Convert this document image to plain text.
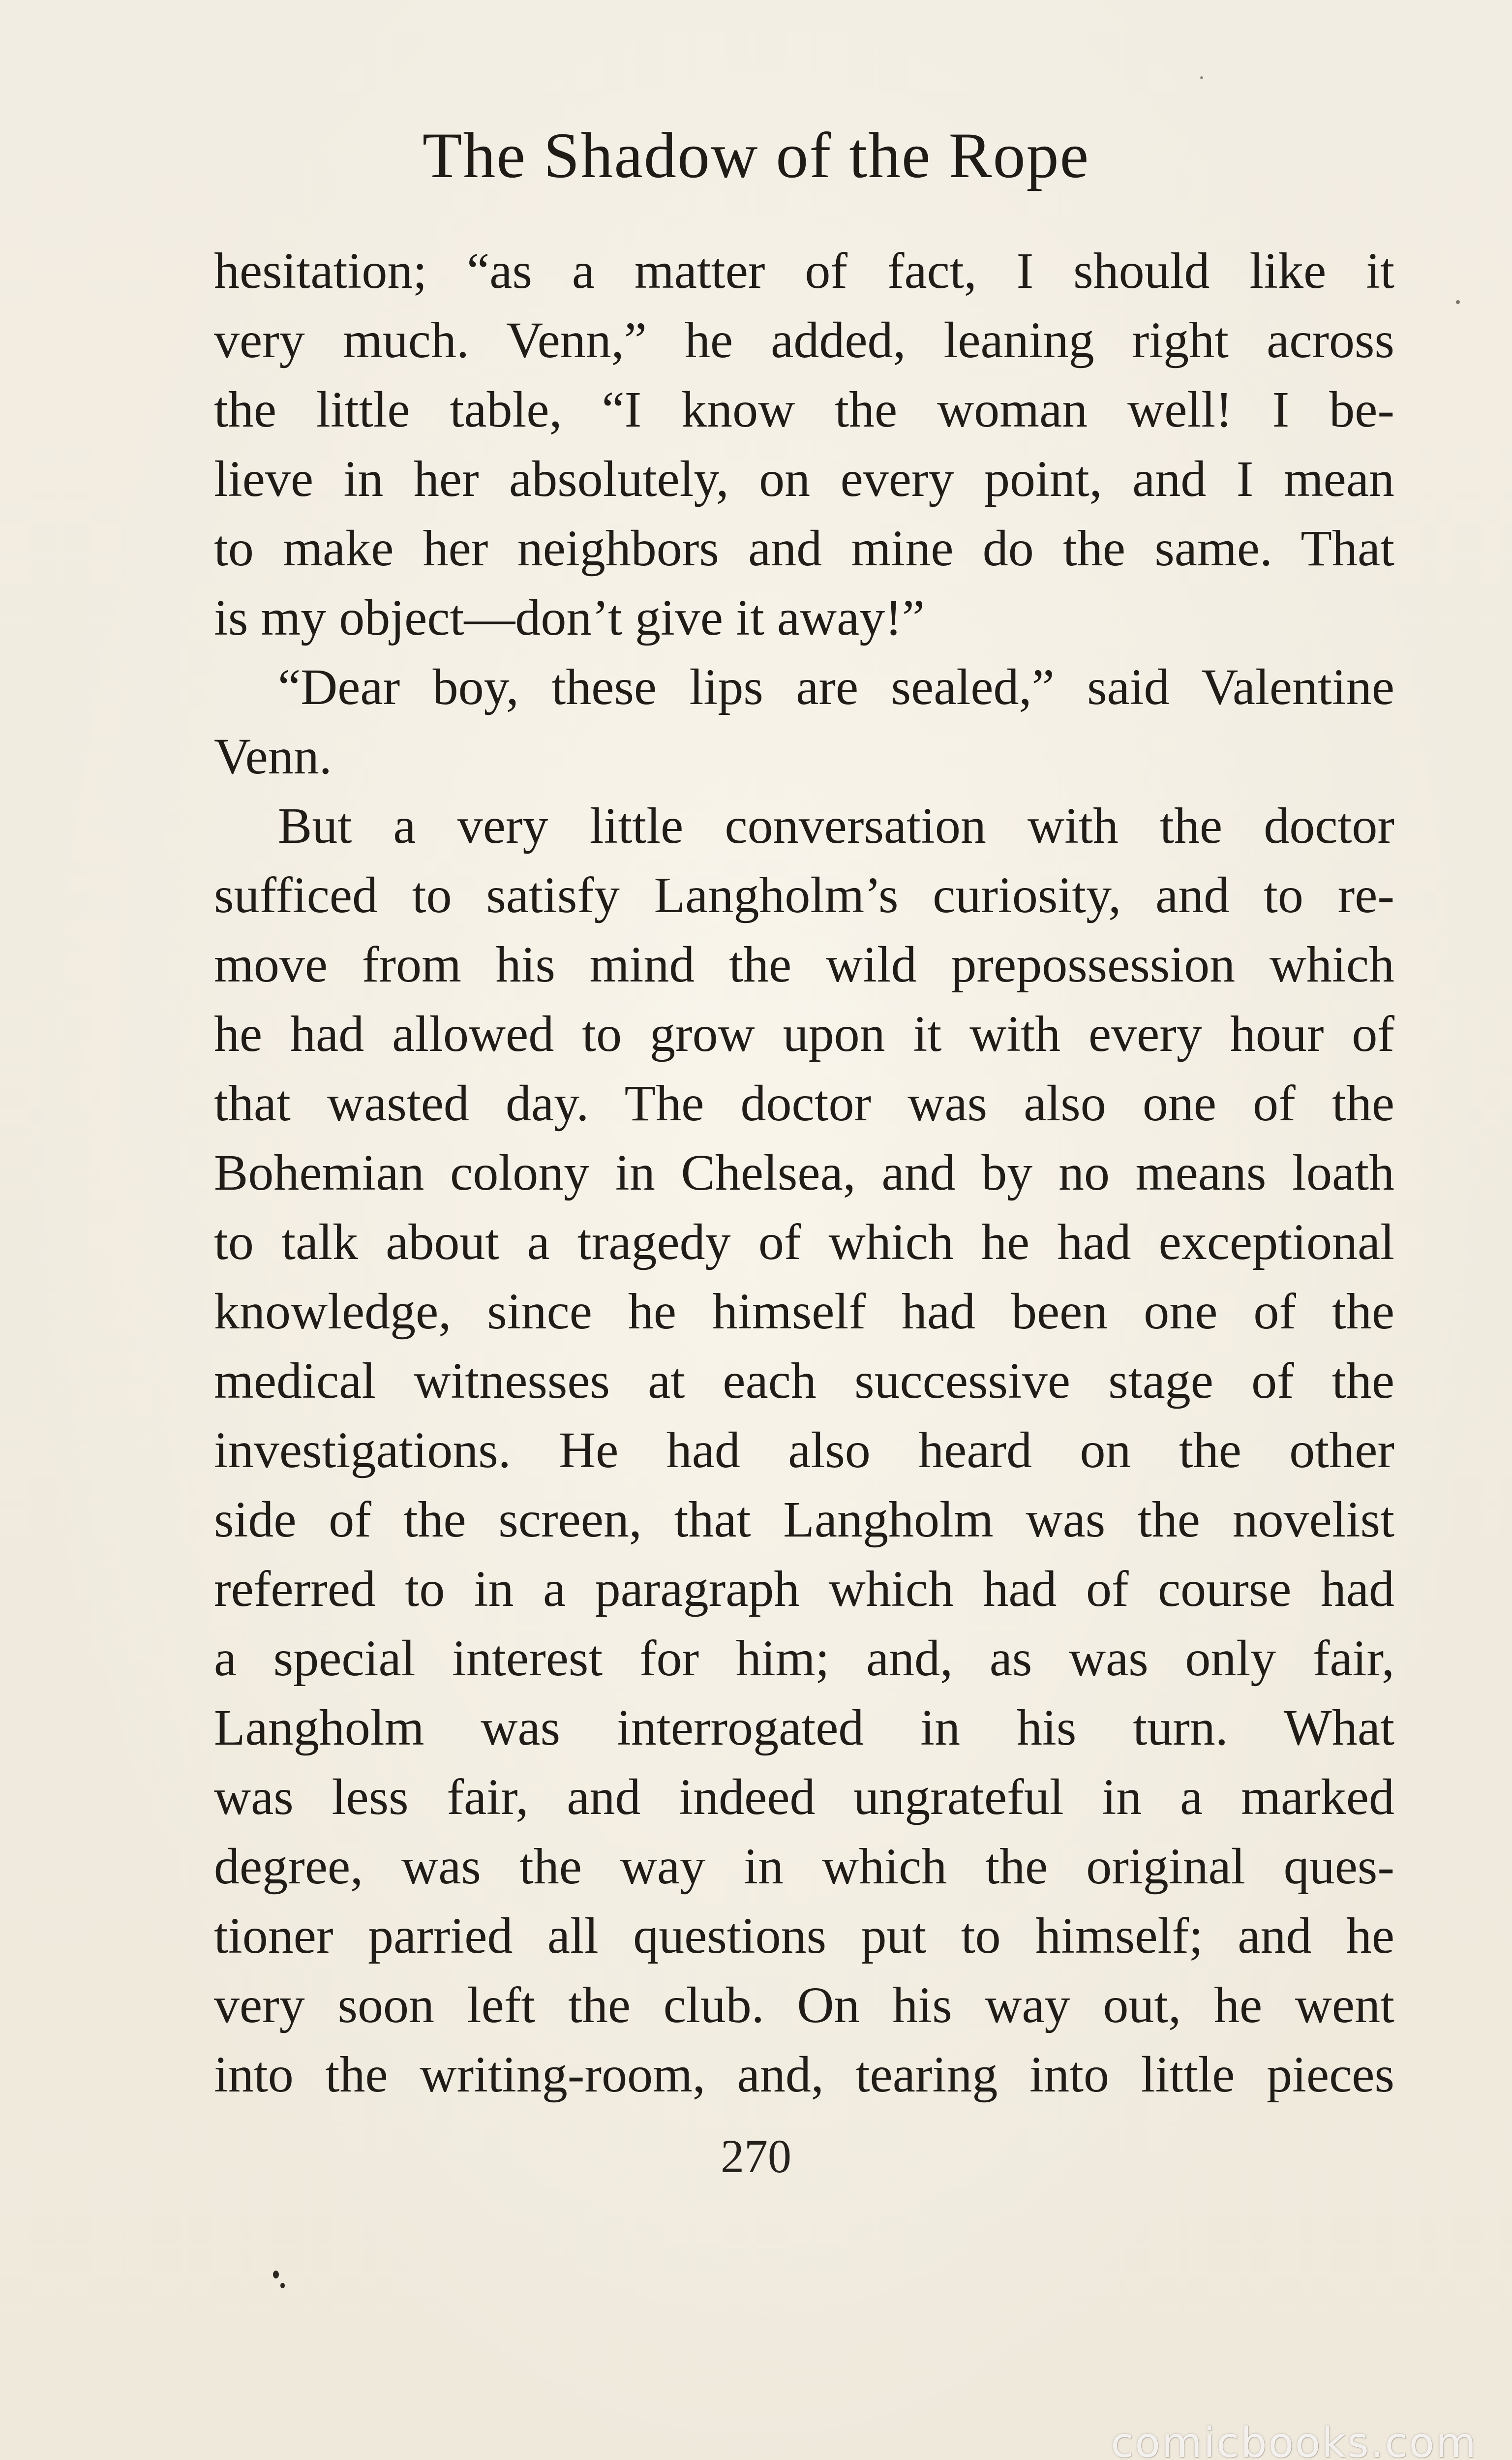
The Shadow of the Rope
hesitation; “as a matter of fact, I should like it
very much. Venn,” he added, leaning right across
the little table, “I know the woman well! I be-
lieve in her absolutely, on every point, and I mean
to make her neighbors and mine do the same. That
is my object—don’t give it away!”
“Dear boy, these lips are sealed,” said Valentine
Venn.
But a very little conversation with the doctor
sufficed to satisfy Langholm’s curiosity, and to re-
move from his mind the wild prepossession which
he had allowed to grow upon it with every hour of
that wasted day. The doctor was also one of the
Bohemian colony in Chelsea, and by no means loath
to talk about a tragedy of which he had exceptional
knowledge, since he himself had been one of the
medical witnesses at each successive stage of the
investigations. He had also heard on the other
side of the screen, that Langholm was the novelist
referred to in a paragraph which had of course had
a special interest for him; and, as was only fair,
Langholm was interrogated in his turn. What
was less fair, and indeed ungrateful in a marked
degree, was the way in which the original ques-
tioner parried all questions put to himself; and he
very soon left the club. On his way out, he went
into the writing-room, and, tearing into little pieces
270
comicbooks.com
